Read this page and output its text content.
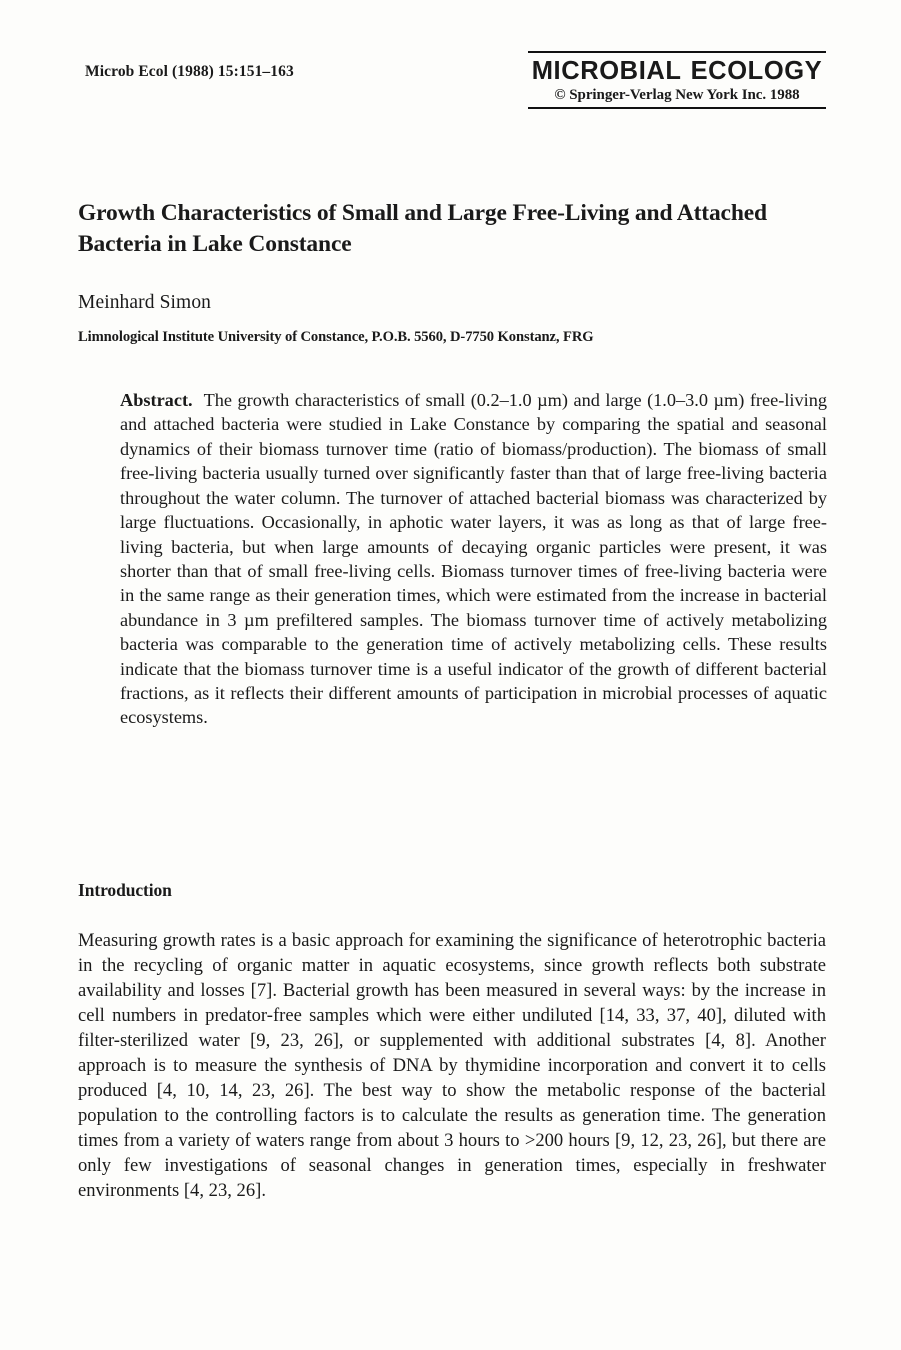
Microb Ecol (1988) 15:151–163	MICROBIAL ECOLOGY
© Springer-Verlag New York Inc. 1988
Growth Characteristics of Small and Large Free-Living and Attached Bacteria in Lake Constance
Meinhard Simon
Limnological Institute University of Constance, P.O.B. 5560, D-7750 Konstanz, FRG
Abstract. The growth characteristics of small (0.2–1.0 µm) and large (1.0–3.0 µm) free-living and attached bacteria were studied in Lake Constance by comparing the spatial and seasonal dynamics of their biomass turnover time (ratio of biomass/production). The biomass of small free-living bacteria usually turned over significantly faster than that of large free-living bacteria throughout the water column. The turnover of attached bacterial biomass was characterized by large fluctuations. Occasionally, in aphotic water layers, it was as long as that of large free-living bacteria, but when large amounts of decaying organic particles were present, it was shorter than that of small free-living cells. Biomass turnover times of free-living bacteria were in the same range as their generation times, which were estimated from the increase in bacterial abundance in 3 µm prefiltered samples. The biomass turnover time of actively metabolizing bacteria was comparable to the generation time of actively metabolizing cells. These results indicate that the biomass turnover time is a useful indicator of the growth of different bacterial fractions, as it reflects their different amounts of participation in microbial processes of aquatic ecosystems.
Introduction

Measuring growth rates is a basic approach for examining the significance of heterotrophic bacteria in the recycling of organic matter in aquatic ecosystems, since growth reflects both substrate availability and losses [7]. Bacterial growth has been measured in several ways: by the increase in cell numbers in predator-free samples which were either undiluted [14, 33, 37, 40], diluted with filter-sterilized water [9, 23, 26], or supplemented with additional substrates [4, 8]. Another approach is to measure the synthesis of DNA by thymidine incorporation and convert it to cells produced [4, 10, 14, 23, 26]. The best way to show the metabolic response of the bacterial population to the controlling factors is to calculate the results as generation time. The generation times from a variety of waters range from about 3 hours to >200 hours [9, 12, 23, 26], but there are only few investigations of seasonal changes in generation times, especially in freshwater environments [4, 23, 26].
